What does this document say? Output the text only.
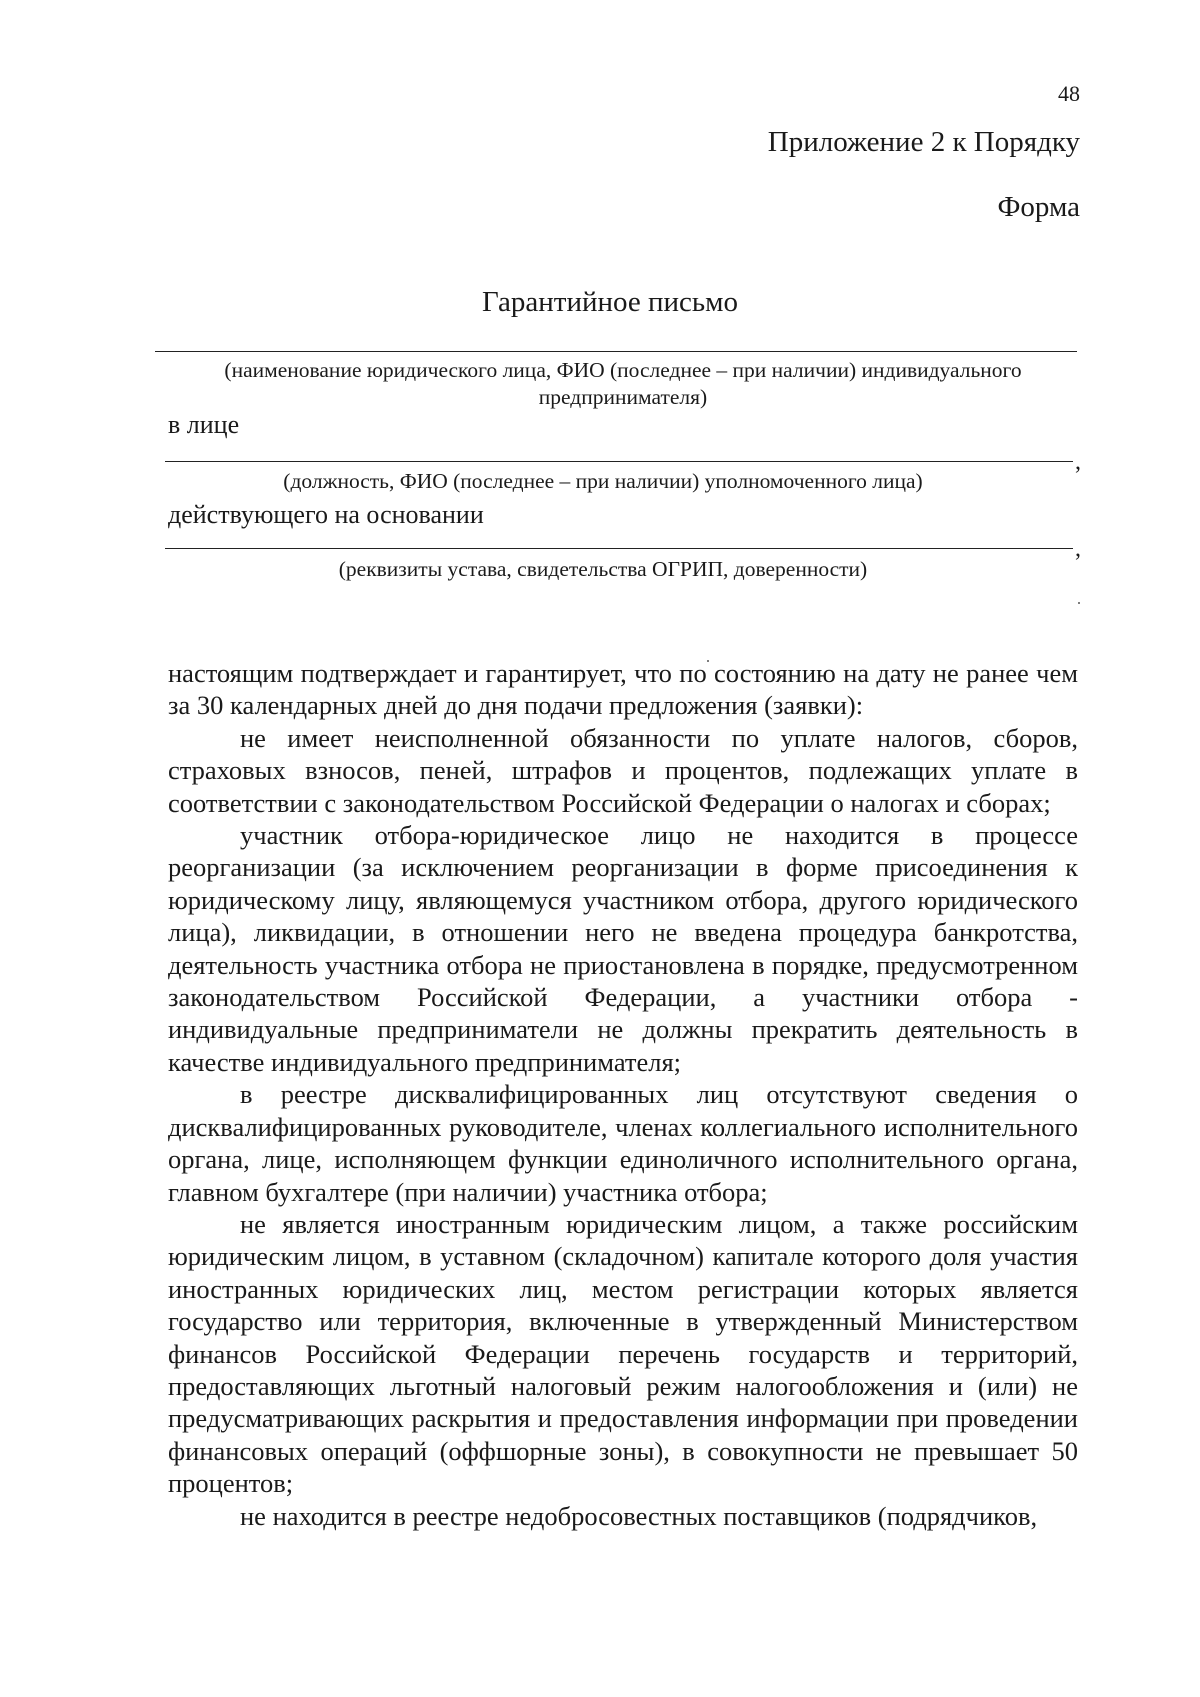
48
Приложение 2 к Порядку
Форма
Гарантийное письмо
(наименование юридического лица, ФИО (последнее – при наличии) индивидуального предпринимателя)
в лице
,
(должность, ФИО (последнее – при наличии) уполномоченного лица)
действующего на основании
,
(реквизиты устава, свидетельства ОГРИП, доверенности)

настоящим подтверждает и гарантирует, что по состоянию на дату не ранее чем за 30 календарных дней до дня подачи предложения (заявки):

не имеет неисполненной обязанности по уплате налогов, сборов, страховых взносов, пеней, штрафов и процентов, подлежащих уплате в соответствии с законодательством Российской Федерации о налогах и сборах;

участник отбора-юридическое лицо не находится в процессе реорганизации (за исключением реорганизации в форме присоединения к юридическому лицу, являющемуся участником отбора, другого юридического лица), ликвидации, в отношении него не введена процедура банкротства, деятельность участника отбора не приостановлена в порядке, предусмотренном законодательством Российской Федерации, а участники отбора - индивидуальные предприниматели не должны прекратить деятельность в качестве индивидуального предпринимателя;

в реестре дисквалифицированных лиц отсутствуют сведения о дисквалифицированных руководителе, членах коллегиального исполнительного органа, лице, исполняющем функции единоличного исполнительного органа, главном бухгалтере (при наличии) участника отбора;

не является иностранным юридическим лицом, а также российским юридическим лицом, в уставном (складочном) капитале которого доля участия иностранных юридических лиц, местом регистрации которых является государство или территория, включенные в утвержденный Министерством финансов Российской Федерации перечень государств и территорий, предоставляющих льготный налоговый режим налогообложения и (или) не предусматривающих раскрытия и предоставления информации при проведении финансовых операций (оффшорные зоны), в совокупности не превышает 50 процентов;

не находится в реестре недобросовестных поставщиков (подрядчиков,
